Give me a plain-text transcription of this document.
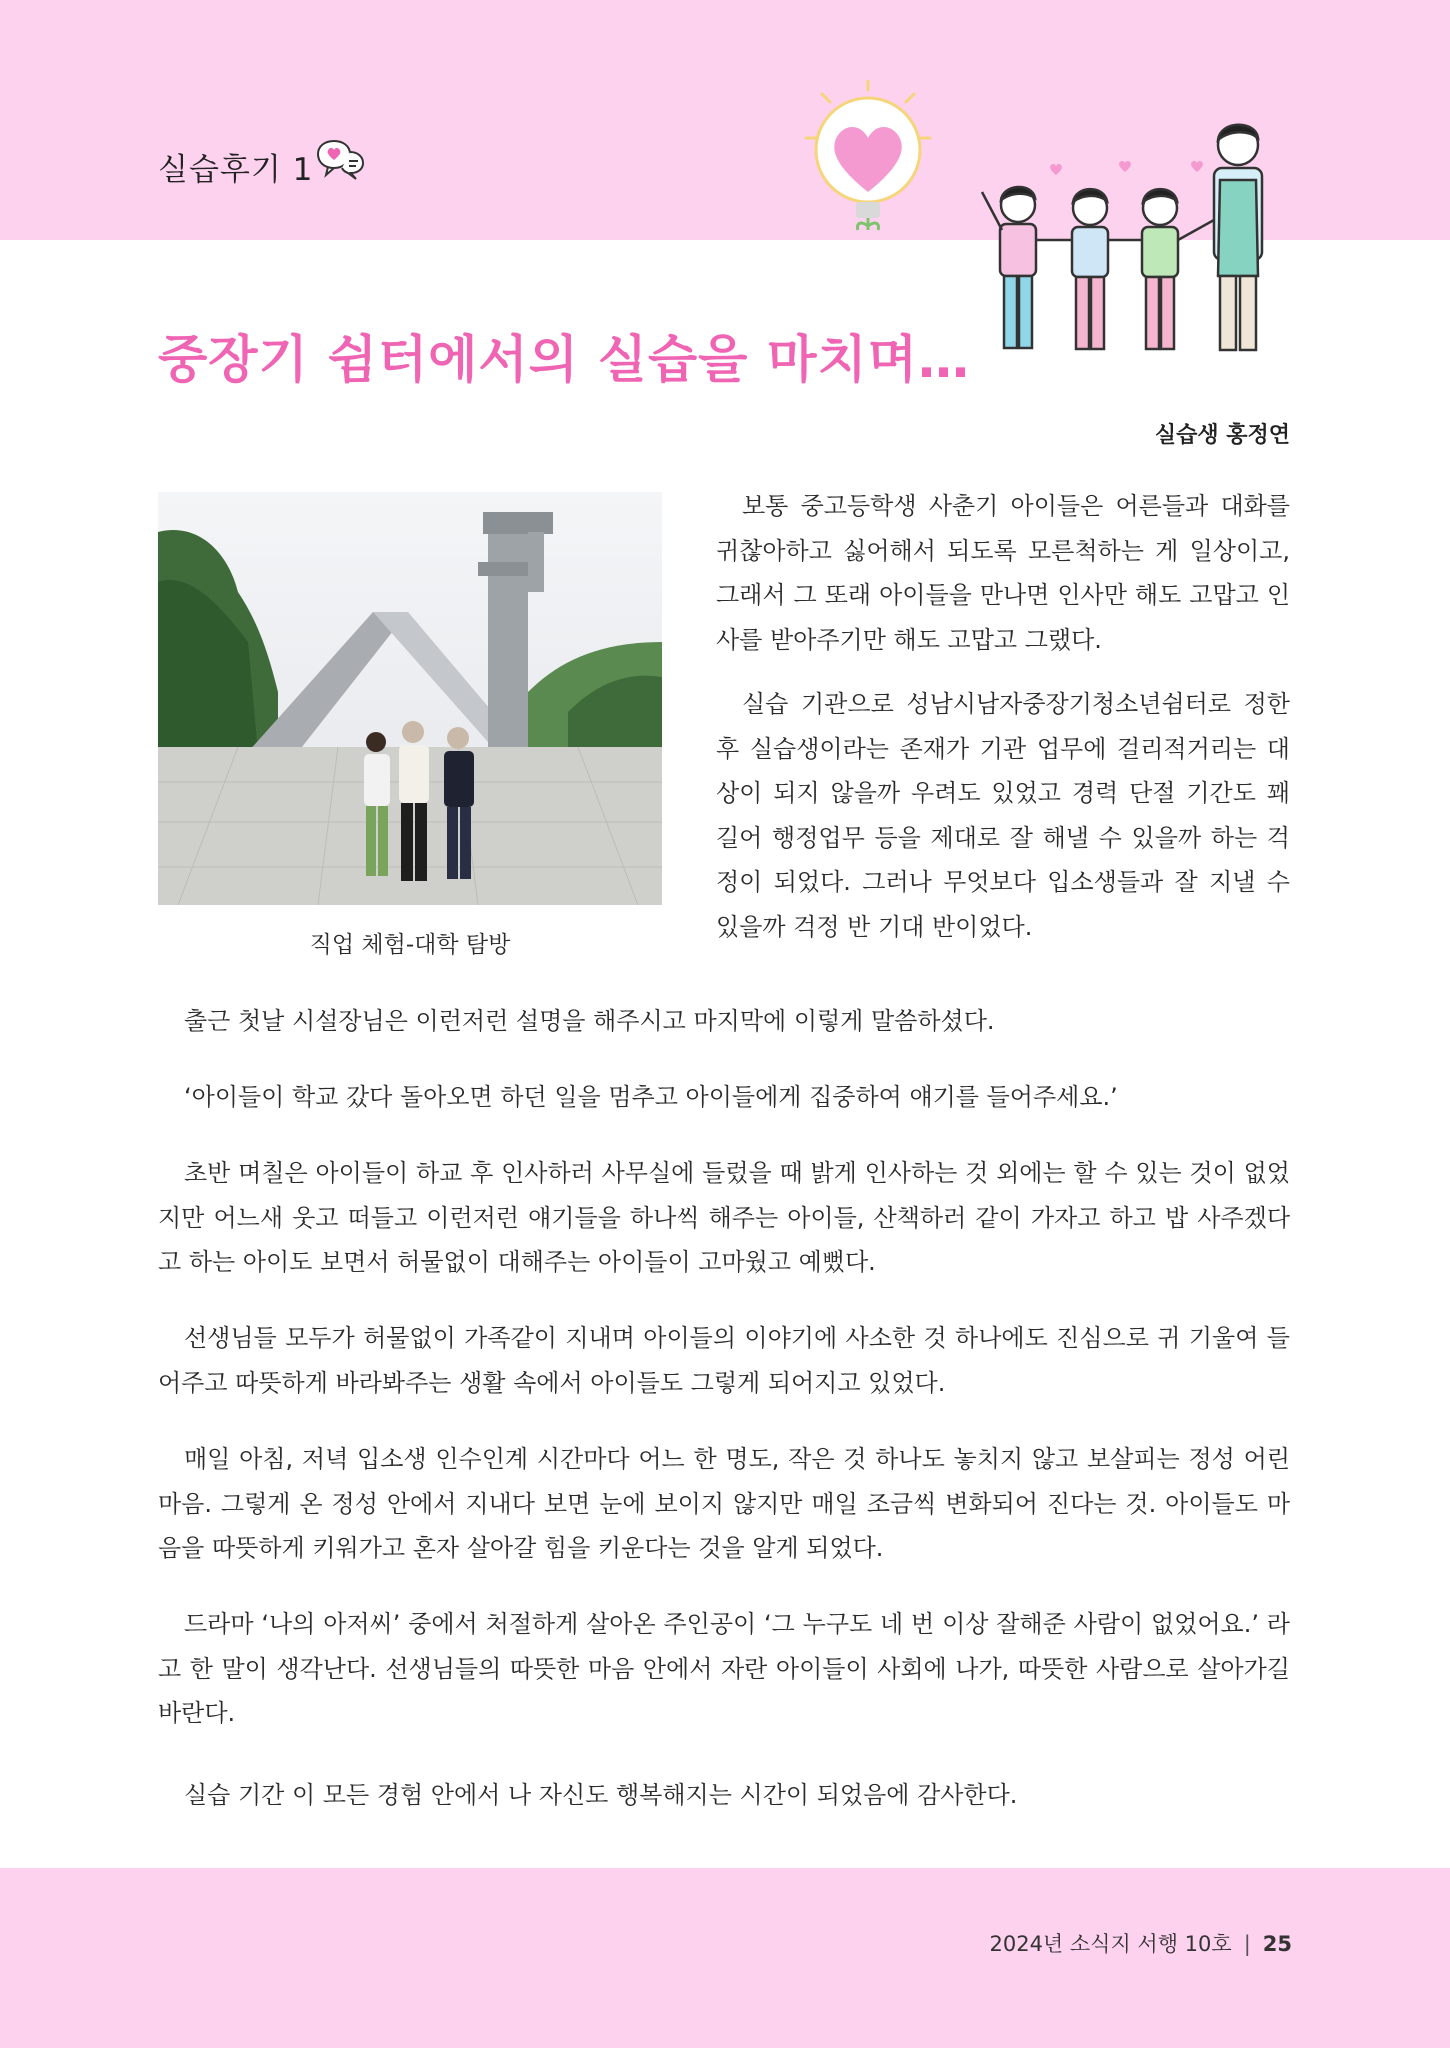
실습후기 1
중장기 쉼터에서의 실습을 마치며…
실습생 홍정연
직업 체험-대학 탐방

보통 중고등학생 사춘기 아이들은 어른들과 대화를 귀찮아하고 싫어해서 되도록 모른척하는 게 일상이고, 그래서 그 또래 아이들을 만나면 인사만 해도 고맙고 인사를 받아주기만 해도 고맙고 그랬다.

실습 기관으로 성남시남자중장기청소년쉼터로 정한 후 실습생이라는 존재가 기관 업무에 걸리적거리는 대상이 되지 않을까 우려도 있었고 경력 단절 기간도 꽤 길어 행정업무 등을 제대로 잘 해낼 수 있을까 하는 걱정이 되었다. 그러나 무엇보다 입소생들과 잘 지낼 수 있을까 걱정 반 기대 반이었다.

출근 첫날 시설장님은 이런저런 설명을 해주시고 마지막에 이렇게 말씀하셨다.

‘아이들이 학교 갔다 돌아오면 하던 일을 멈추고 아이들에게 집중하여 얘기를 들어주세요.’

초반 며칠은 아이들이 하교 후 인사하러 사무실에 들렀을 때 밝게 인사하는 것 외에는 할 수 있는 것이 없었지만 어느새 웃고 떠들고 이런저런 얘기들을 하나씩 해주는 아이들, 산책하러 같이 가자고 하고 밥 사주겠다고 하는 아이도 보면서 허물없이 대해주는 아이들이 고마웠고 예뻤다.

선생님들 모두가 허물없이 가족같이 지내며 아이들의 이야기에 사소한 것 하나에도 진심으로 귀 기울여 들어주고 따뜻하게 바라봐주는 생활 속에서 아이들도 그렇게 되어지고 있었다.

매일 아침, 저녁 입소생 인수인계 시간마다 어느 한 명도, 작은 것 하나도 놓치지 않고 보살피는 정성 어린 마음. 그렇게 온 정성 안에서 지내다 보면 눈에 보이지 않지만 매일 조금씩 변화되어 진다는 것. 아이들도 마음을 따뜻하게 키워가고 혼자 살아갈 힘을 키운다는 것을 알게 되었다.

드라마 ‘나의 아저씨’ 중에서 처절하게 살아온 주인공이 ‘그 누구도 네 번 이상 잘해준 사람이 없었어요.’ 라고 한 말이 생각난다. 선생님들의 따뜻한 마음 안에서 자란 아이들이 사회에 나가, 따뜻한 사람으로 살아가길 바란다.

실습 기간 이 모든 경험 안에서 나 자신도 행복해지는 시간이 되었음에 감사한다.

2024년 소식지 서행 10호 | 25
